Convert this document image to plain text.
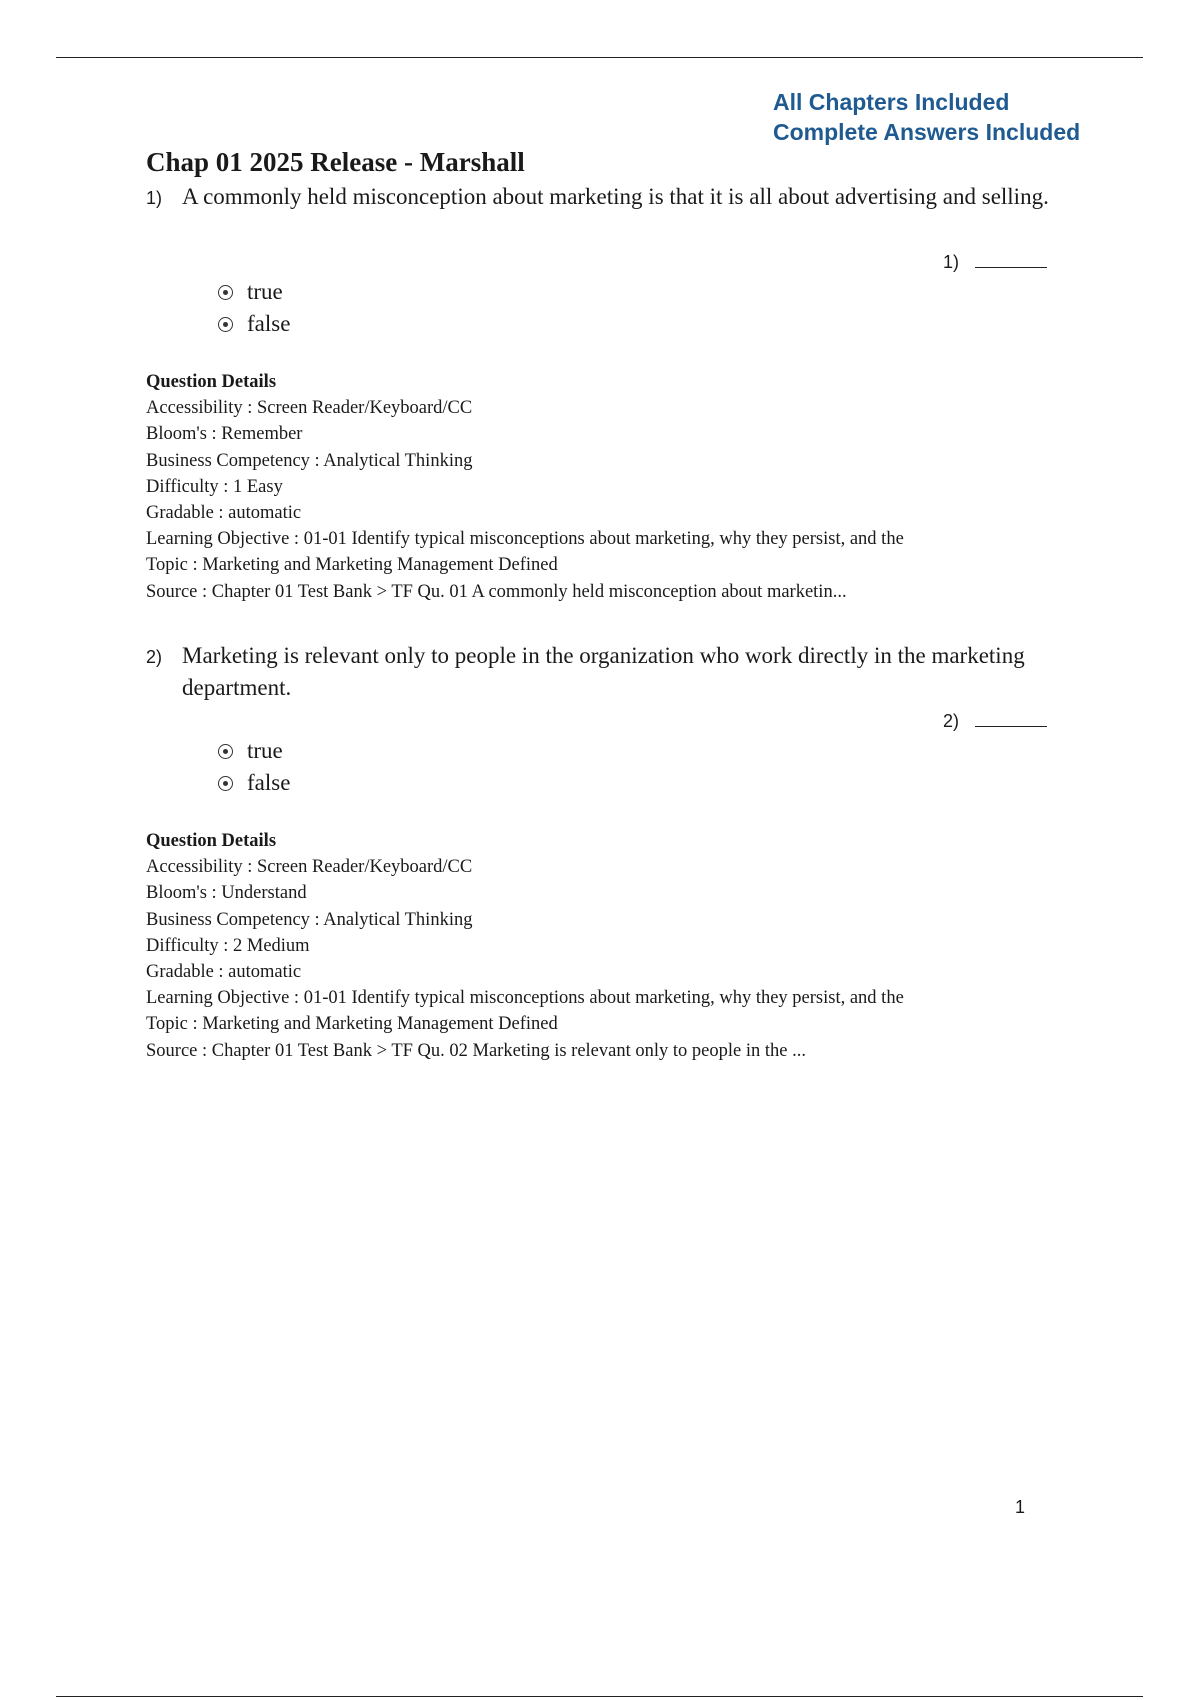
All Chapters Included
Complete Answers Included
Chap 01 2025 Release - Marshall
1) A commonly held misconception about marketing is that it is all about advertising and selling.
1)
true
false
Question Details
Accessibility : Screen Reader/Keyboard/CC
Bloom's : Remember
Business Competency : Analytical Thinking
Difficulty : 1 Easy
Gradable : automatic
Learning Objective : 01-01 Identify typical misconceptions about marketing, why they persist, and the
Topic : Marketing and Marketing Management Defined
Source : Chapter 01 Test Bank > TF Qu. 01 A commonly held misconception about marketin...
2) Marketing is relevant only to people in the organization who work directly in the marketing department.
2)
true
false
Question Details
Accessibility : Screen Reader/Keyboard/CC
Bloom's : Understand
Business Competency : Analytical Thinking
Difficulty : 2 Medium
Gradable : automatic
Learning Objective : 01-01 Identify typical misconceptions about marketing, why they persist, and the
Topic : Marketing and Marketing Management Defined
Source : Chapter 01 Test Bank > TF Qu. 02 Marketing is relevant only to people in the ...
1
